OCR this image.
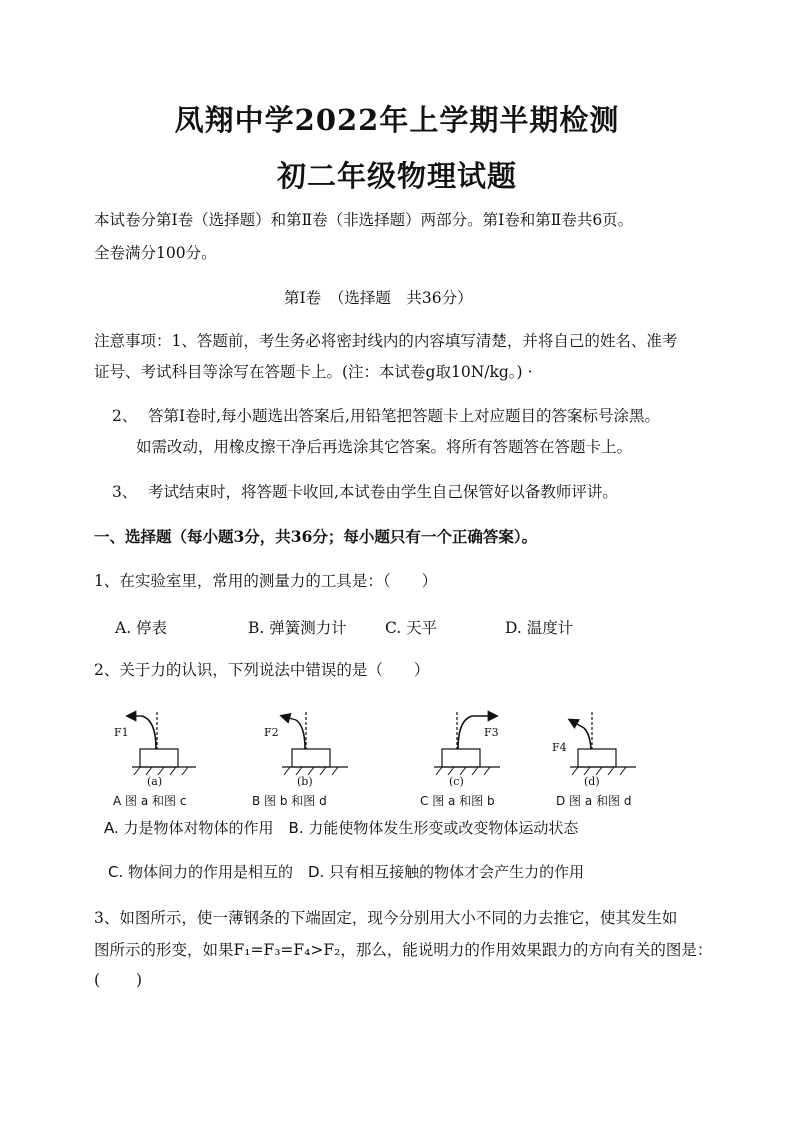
凤翔中学2022年上学期半期检测
初二年级物理试题
本试卷分第Ⅰ卷（选择题）和第Ⅱ卷（非选择题）两部分。第Ⅰ卷和第Ⅱ卷共6页。
全卷满分100分。
第Ⅰ卷　（选择题　共36分）
注意事项：1、答题前，考生务必将密封线内的内容填写清楚，并将自己的姓名、准考
证号、考试科目等涂写在答题卡上。(注：本试卷g取10N/kg。) ·
2、 答第Ⅰ卷时,每小题选出答案后,用铅笔把答题卡上对应题目的答案标号涂黑。
如需改动，用橡皮擦干净后再选涂其它答案。将所有答题答在答题卡上。
3、 考试结束时，将答题卡收回,本试卷由学生自己保管好以备教师评讲。
一、选择题（每小题3分，共36分；每小题只有一个正确答案）。
1、在实验室里，常用的测量力的工具是：（　　）
A. 停表	B. 弹簧测力计 C. 天平	D. 温度计
2、关于力的认识，下列说法中错误的是（　　）
F1
(a)
F2
(b)
F3
(c)
F4
(d)
A 图 a 和图 c	B 图 b 和图 d	C 图 a 和图 b	D 图 a 和图 d
A. 力是物体对物体的作用　B. 力能使物体发生形变或改变物体运动状态
C. 物体间力的作用是相互的　D. 只有相互接触的物体才会产生力的作用
3、如图所示，使一薄钢条的下端固定，现今分别用大小不同的力去推它，使其发生如
图所示的形变，如果F₁=F₃=F₄>F₂，那么，能说明力的作用效果跟力的方向有关的图是：
(　　 )
